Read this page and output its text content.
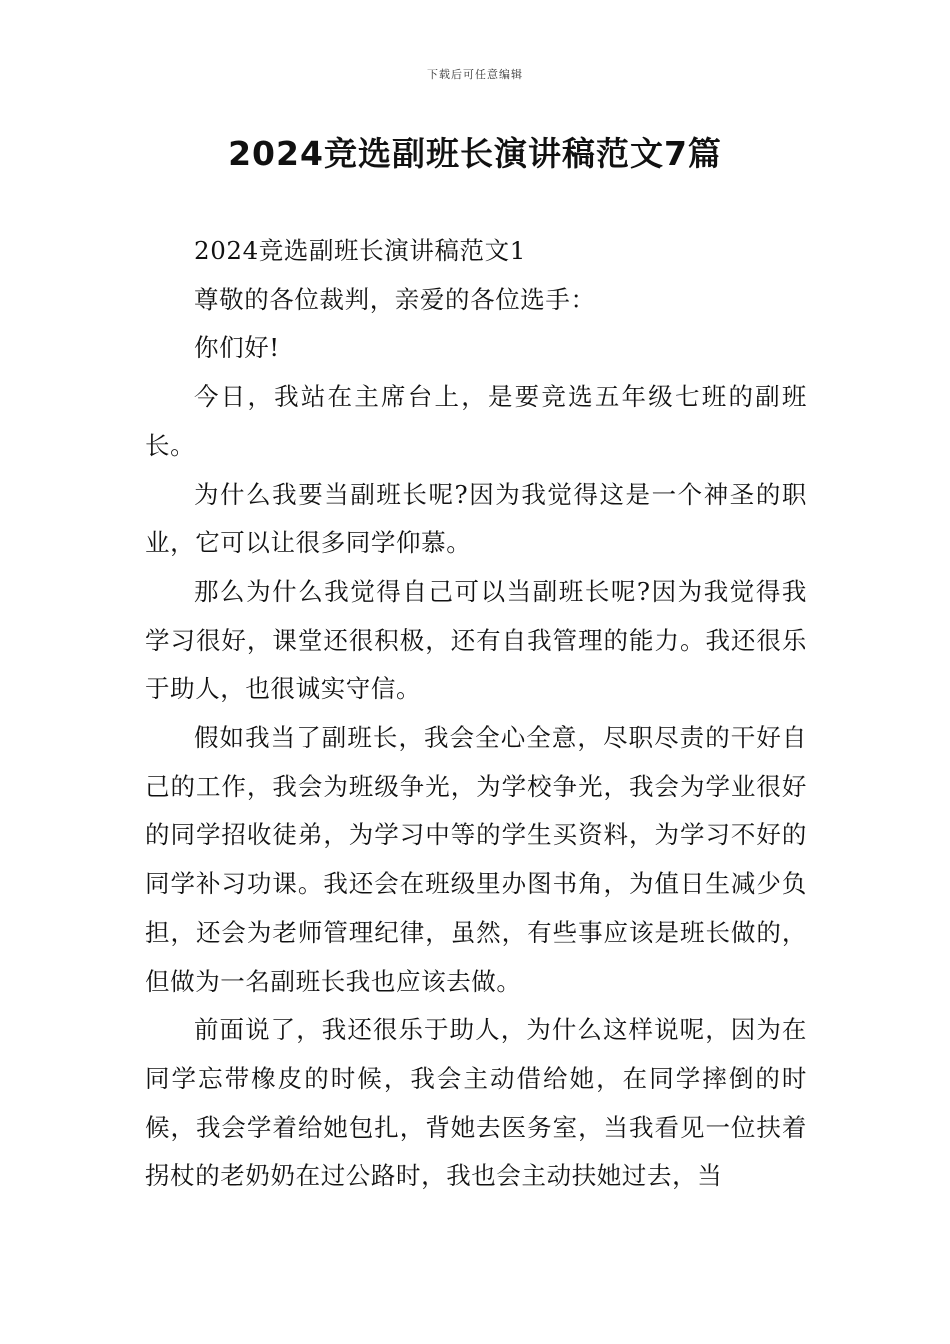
下载后可任意编辑
2024竞选副班长演讲稿范文7篇

2024竞选副班长演讲稿范文1

尊敬的各位裁判，亲爱的各位选手：

你们好!

今日，我站在主席台上，是要竞选五年级七班的副班长。

为什么我要当副班长呢?因为我觉得这是一个神圣的职业，它可以让很多同学仰慕。

那么为什么我觉得自己可以当副班长呢?因为我觉得我学习很好，课堂还很积极，还有自我管理的能力。我还很乐于助人，也很诚实守信。

假如我当了副班长，我会全心全意，尽职尽责的干好自己的工作，我会为班级争光，为学校争光，我会为学业很好的同学招收徒弟，为学习中等的学生买资料，为学习不好的同学补习功课。我还会在班级里办图书角，为值日生减少负担，还会为老师管理纪律，虽然，有些事应该是班长做的，但做为一名副班长我也应该去做。

前面说了，我还很乐于助人，为什么这样说呢，因为在同学忘带橡皮的时候，我会主动借给她，在同学摔倒的时候，我会学着给她包扎，背她去医务室，当我看见一位扶着拐杖的老奶奶在过公路时，我也会主动扶她过去，当
